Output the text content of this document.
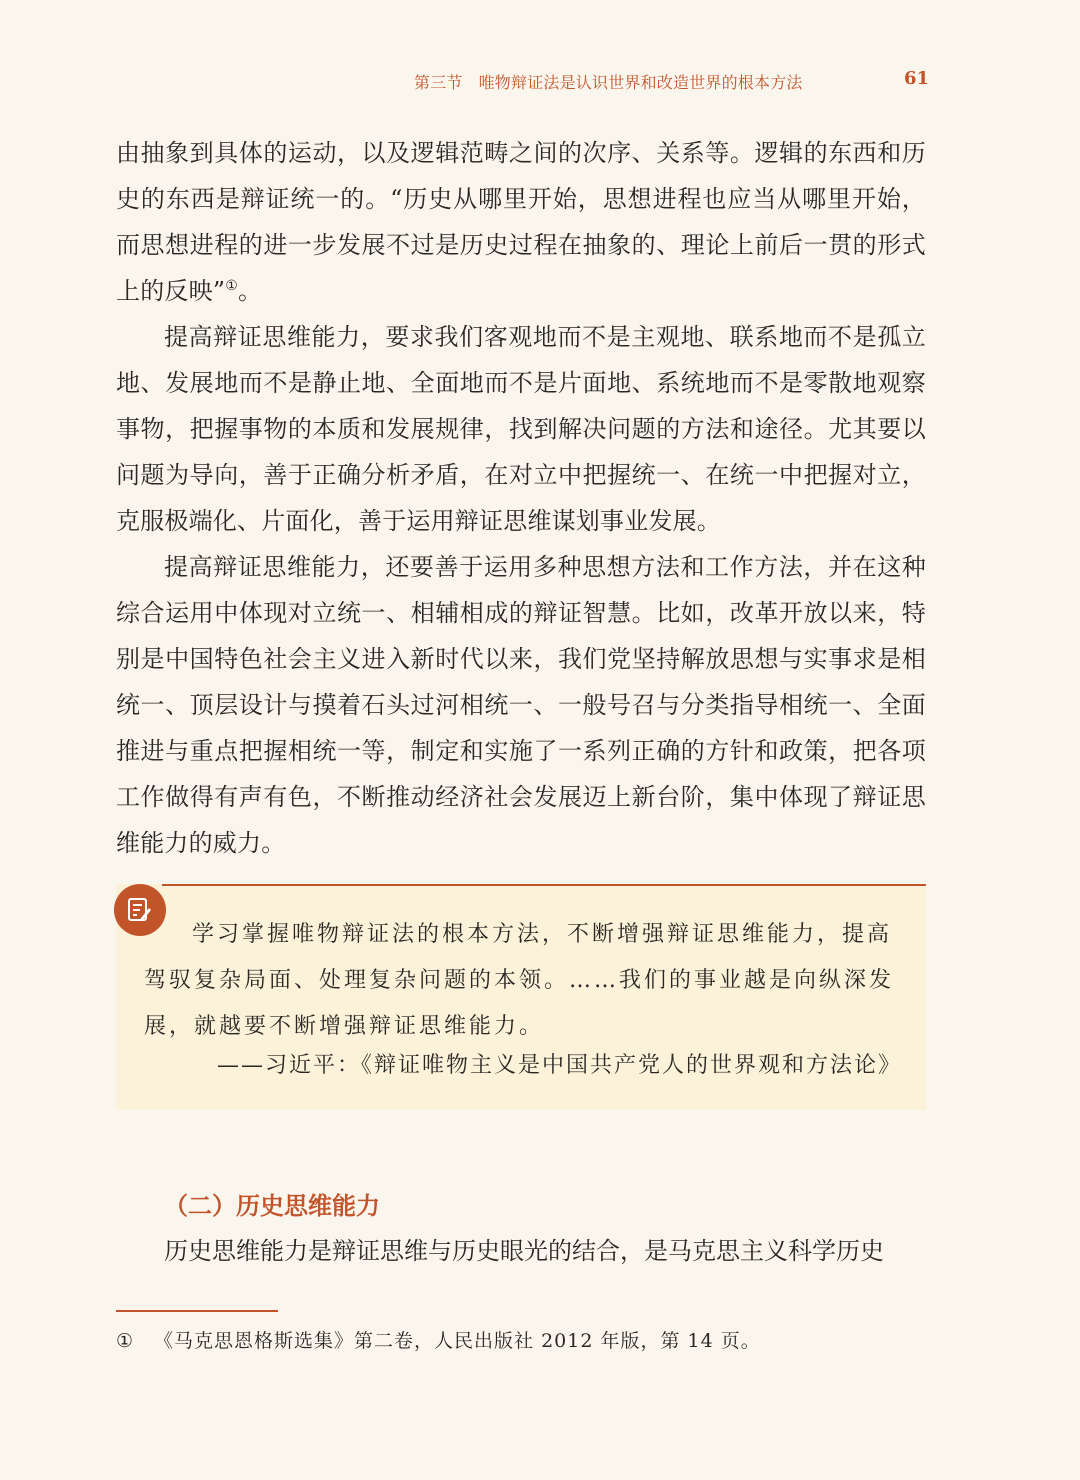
第三节 唯物辩证法是认识世界和改造世界的根本方法	61

由抽象到具体的运动，以及逻辑范畴之间的次序、关系等。逻辑的东西和历史的东西是辩证统一的。“历史从哪里开始，思想进程也应当从哪里开始，而思想进程的进一步发展不过是历史过程在抽象的、理论上前后一贯的形式上的反映”①。

提高辩证思维能力，要求我们客观地而不是主观地、联系地而不是孤立地、发展地而不是静止地、全面地而不是片面地、系统地而不是零散地观察事物，把握事物的本质和发展规律，找到解决问题的方法和途径。尤其要以问题为导向，善于正确分析矛盾，在对立中把握统一、在统一中把握对立，克服极端化、片面化，善于运用辩证思维谋划事业发展。

提高辩证思维能力，还要善于运用多种思想方法和工作方法，并在这种综合运用中体现对立统一、相辅相成的辩证智慧。比如，改革开放以来，特别是中国特色社会主义进入新时代以来，我们党坚持解放思想与实事求是相统一、顶层设计与摸着石头过河相统一、一般号召与分类指导相统一、全面推进与重点把握相统一等，制定和实施了一系列正确的方针和政策，把各项工作做得有声有色，不断推动经济社会发展迈上新台阶，集中体现了辩证思维能力的威力。

学习掌握唯物辩证法的根本方法，不断增强辩证思维能力，提高驾驭复杂局面、处理复杂问题的本领。……我们的事业越是向纵深发展，就越要不断增强辩证思维能力。

——习近平：《辩证唯物主义是中国共产党人的世界观和方法论》
（二）历史思维能力

历史思维能力是辩证思维与历史眼光的结合，是马克思主义科学历史

① 《马克思恩格斯选集》第二卷，人民出版社 2012 年版，第 14 页。
